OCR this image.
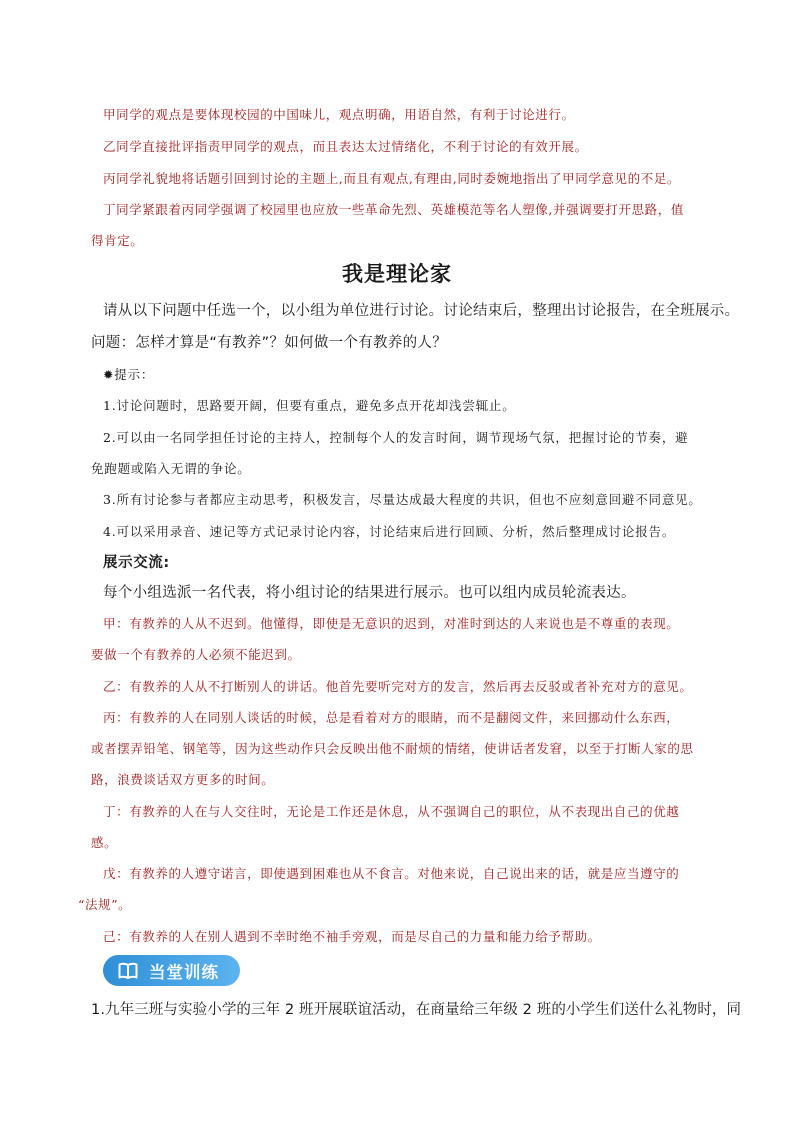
甲同学的观点是要体现校园的中国味儿，观点明确，用语自然，有利于讨论进行。
乙同学直接批评指责甲同学的观点，而且表达太过情绪化，不利于讨论的有效开展。
丙同学礼貌地将话题引回到讨论的主题上,而且有观点,有理由,同时委婉地指出了甲同学意见的不足。
丁同学紧跟着丙同学强调了校园里也应放一些革命先烈、英雄模范等名人塑像,并强调要打开思路，值
得肯定。
我是理论家
请从以下问题中任选一个，以小组为单位进行讨论。讨论结束后，整理出讨论报告，在全班展示。
问题：怎样才算是“有教养”？如何做一个有教养的人？
✹提示：
1.讨论问题时，思路要开阔，但要有重点，避免多点开花却浅尝辄止。
2.可以由一名同学担任讨论的主持人，控制每个人的发言时间，调节现场气氛，把握讨论的节奏，避
免跑题或陷入无谓的争论。
3.所有讨论参与者都应主动思考，积极发言，尽量达成最大程度的共识，但也不应刻意回避不同意见。
4.可以采用录音、速记等方式记录讨论内容，讨论结束后进行回顾、分析，然后整理成讨论报告。
展示交流:
每个小组选派一名代表，将小组讨论的结果进行展示。也可以组内成员轮流表达。
甲：有教养的人从不迟到。他懂得，即使是无意识的迟到，对准时到达的人来说也是不尊重的表现。
要做一个有教养的人必须不能迟到。
乙：有教养的人从不打断别人的讲话。他首先要听完对方的发言，然后再去反驳或者补充对方的意见。
丙：有教养的人在同别人谈话的时候，总是看着对方的眼睛，而不是翻阅文件，来回挪动什么东西，
或者摆弄铅笔、钢笔等，因为这些动作只会反映出他不耐烦的情绪，使讲话者发窘，以至于打断人家的思
路，浪费谈话双方更多的时间。
丁：有教养的人在与人交往时，无论是工作还是休息，从不强调自己的职位，从不表现出自己的优越
感。
戊：有教养的人遵守诺言，即使遇到困难也从不食言。对他来说，自己说出来的话，就是应当遵守的
“法规”。
己：有教养的人在别人遇到不幸时绝不袖手旁观，而是尽自己的力量和能力给予帮助。
当堂训练
1.九年三班与实验小学的三年 2 班开展联谊活动，在商量给三年级 2 班的小学生们送什么礼物时，同
